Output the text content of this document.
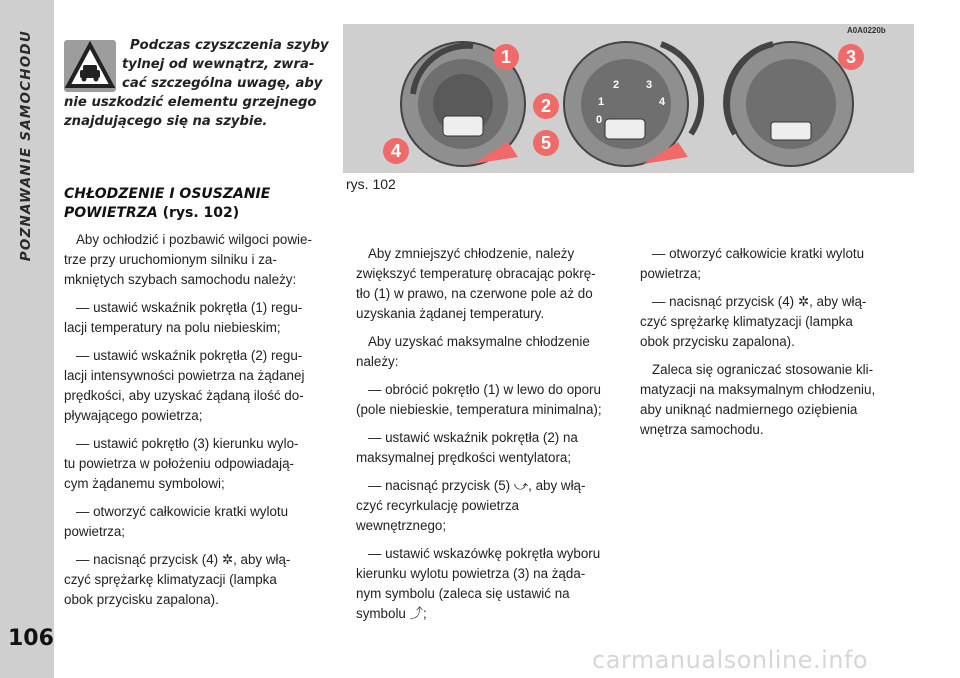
POZNAWANIE SAMOCHODU
106
Podczas czyszczenia szyby
tylnej od wewnątrz, zwra-
cać szczególna uwagę, aby
nie uszkodzić elementu grzejnego
znajdującego się na szybie.
CHŁODZENIE I OSUSZANIE
POWIETRZA (rys. 102)
Aby ochłodzić i pozbawić wilgoci powie-
trze przy uruchomionym silniku i za-
mkniętych szybach samochodu należy:
— ustawić wskaźnik pokrętła (1) regu-
lacji temperatury na polu niebieskim;
— ustawić wskaźnik pokrętła (2) regu-
lacji intensywności powietrza na żądanej
prędkości, aby uzyskać żądaną ilość do-
pływającego powietrza;
— ustawić pokrętło (3) kierunku wylo-
tu powietrza w położeniu odpowiadają-
cym żądanemu symbolowi;
— otworzyć całkowicie kratki wylotu
powietrza;
— nacisnąć przycisk (4) ✲, aby włą-
czyć sprężarkę klimatyzacji (lampka
obok przycisku zapalona).
1
2
3
4	5
0
1
2 3
4
A0A0220b
rys. 102
Aby zmniejszyć chłodzenie, należy
zwiększyć temperaturę obracając pokrę-
tło (1) w prawo, na czerwone pole aż do
uzyskania żądanej temperatury.
Aby uzyskać maksymalne chłodzenie
należy:
— obrócić pokrętło (1) w lewo do oporu
(pole niebieskie, temperatura minimalna);
— ustawić wskaźnik pokrętła (2) na
maksymalnej prędkości wentylatora;
— nacisnąć przycisk (5) ⤻, aby włą-
czyć recyrkulację powietrza wewnętrznego;
— ustawić wskazówkę pokrętła wyboru
kierunku wylotu powietrza (3) na żąda-
nym symbolu (zaleca się ustawić na
symbolu ⤴;
— otworzyć całkowicie kratki wylotu
powietrza;
— nacisnąć przycisk (4) ✲, aby włą-
czyć sprężarkę klimatyzacji (lampka
obok przycisku zapalona).
Zaleca się ograniczać stosowanie kli-
matyzacji na maksymalnym chłodzeniu,
aby uniknąć nadmiernego oziębienia
wnętrza samochodu.
carmanualsonline.info
